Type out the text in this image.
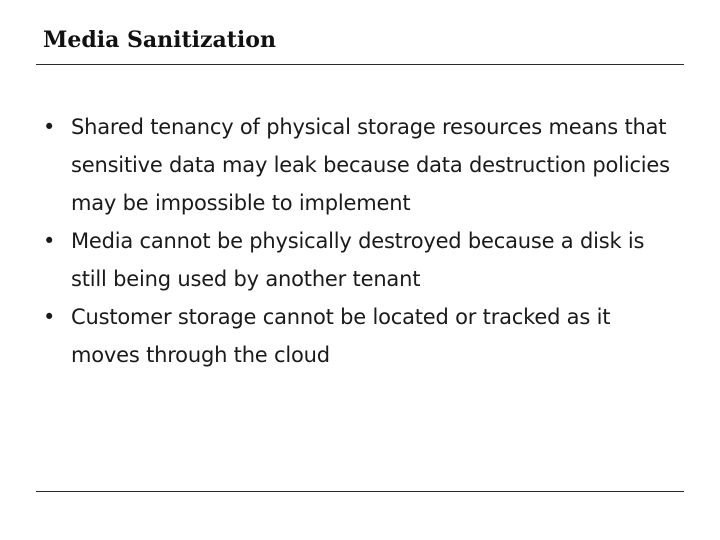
Media Sanitization
• Shared tenancy of physical storage resources means that sensitive data may leak because data destruction policies may be impossible to implement
• Media cannot be physically destroyed because a disk is still being used by another tenant
• Customer storage cannot be located or tracked as it moves through the cloud
